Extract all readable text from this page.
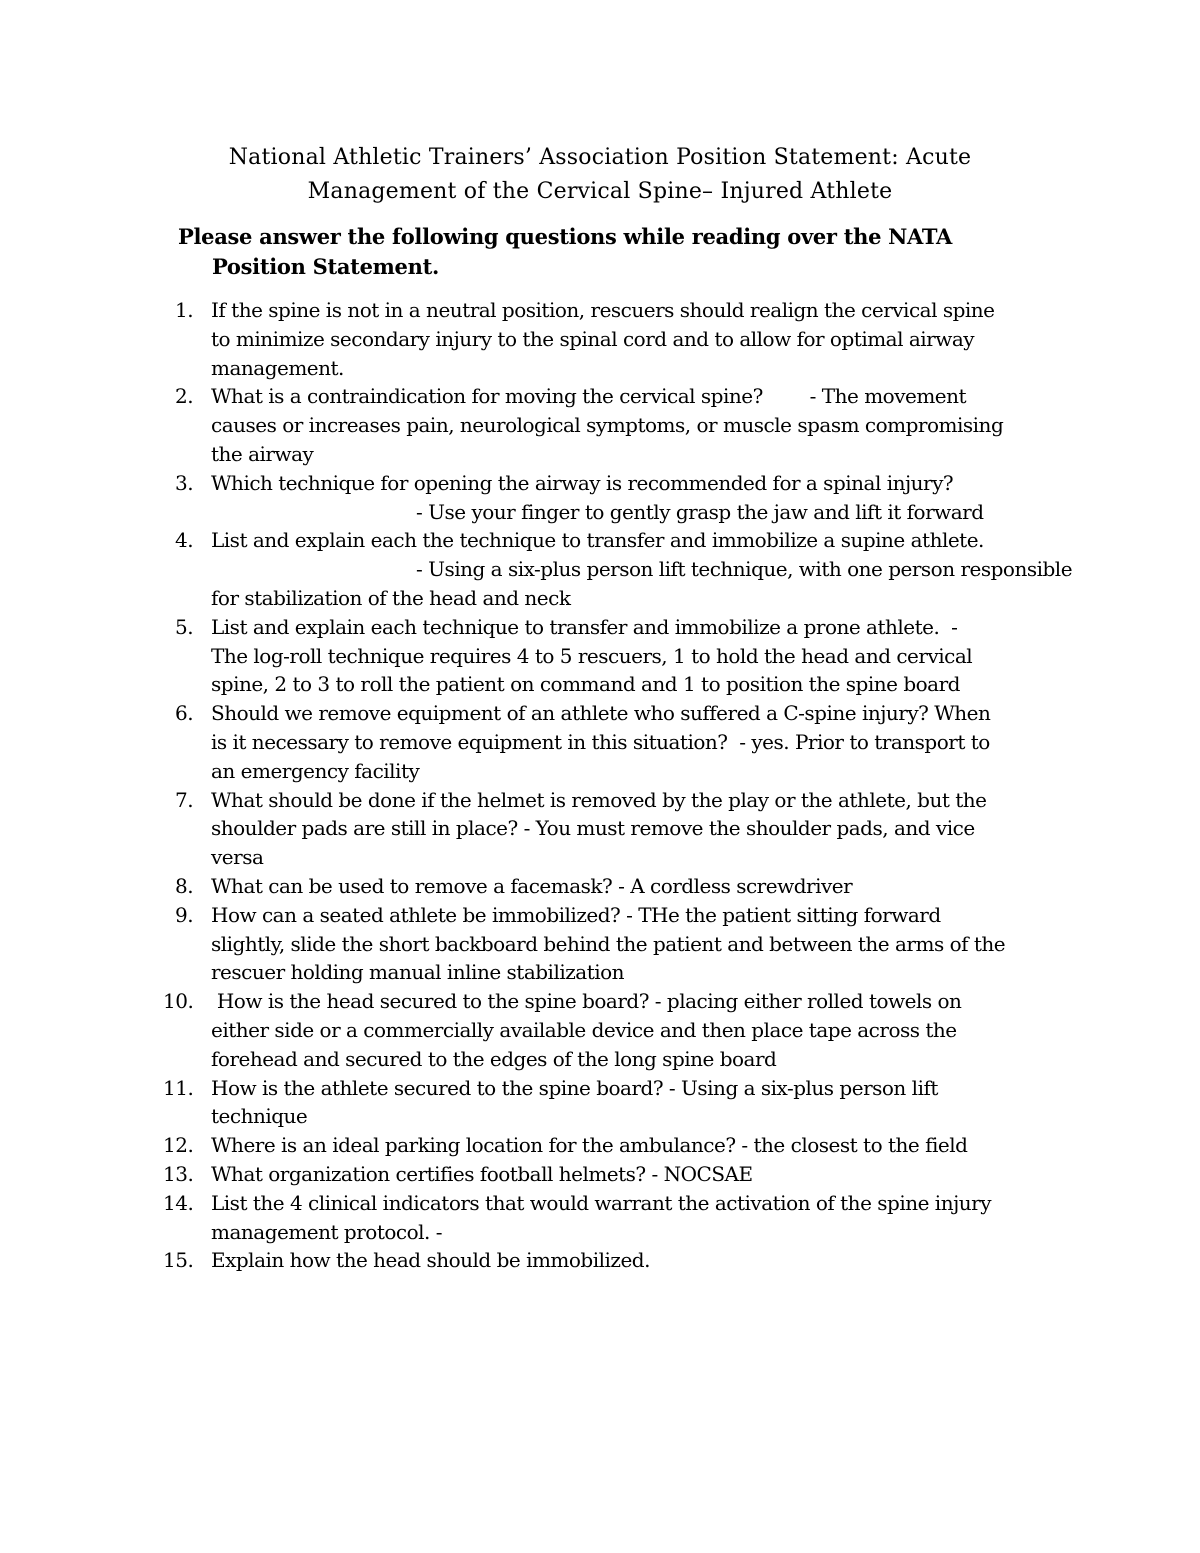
National Athletic Trainers’ Association Position Statement: Acute
Management of the Cervical Spine– Injured Athlete
Please answer the following questions while reading over the NATA
Position Statement.
1. If the spine is not in a neutral position, rescuers should realign the cervical spine
to minimize secondary injury to the spinal cord and to allow for optimal airway
management.
2. What is a contraindication for moving the cervical spine?        - The movement
causes or increases pain, neurological symptoms, or muscle spasm compromising
the airway
3. Which technique for opening the airway is recommended for a spinal injury?
- Use your finger to gently grasp the jaw and lift it forward
4. List and explain each the technique to transfer and immobilize a supine athlete.
- Using a six-plus person lift technique, with one person responsible
for stabilization of the head and neck
5. List and explain each technique to transfer and immobilize a prone athlete.  -
The log-roll technique requires 4 to 5 rescuers, 1 to hold the head and cervical
spine, 2 to 3 to roll the patient on command and 1 to position the spine board
6. Should we remove equipment of an athlete who suffered a C-spine injury? When
is it necessary to remove equipment in this situation?  - yes. Prior to transport to
an emergency facility
7. What should be done if the helmet is removed by the play or the athlete, but the
shoulder pads are still in place? - You must remove the shoulder pads, and vice
versa
8. What can be used to remove a facemask? - A cordless screwdriver
9. How can a seated athlete be immobilized? - THe the patient sitting forward
slightly, slide the short backboard behind the patient and between the arms of the
rescuer holding manual inline stabilization
10. How is the head secured to the spine board? - placing either rolled towels on
either side or a commercially available device and then place tape across the
forehead and secured to the edges of the long spine board
11. How is the athlete secured to the spine board? - Using a six-plus person lift
technique
12. Where is an ideal parking location for the ambulance? - the closest to the field
13. What organization certifies football helmets? - NOCSAE
14. List the 4 clinical indicators that would warrant the activation of the spine injury
management protocol. -
15. Explain how the head should be immobilized.
